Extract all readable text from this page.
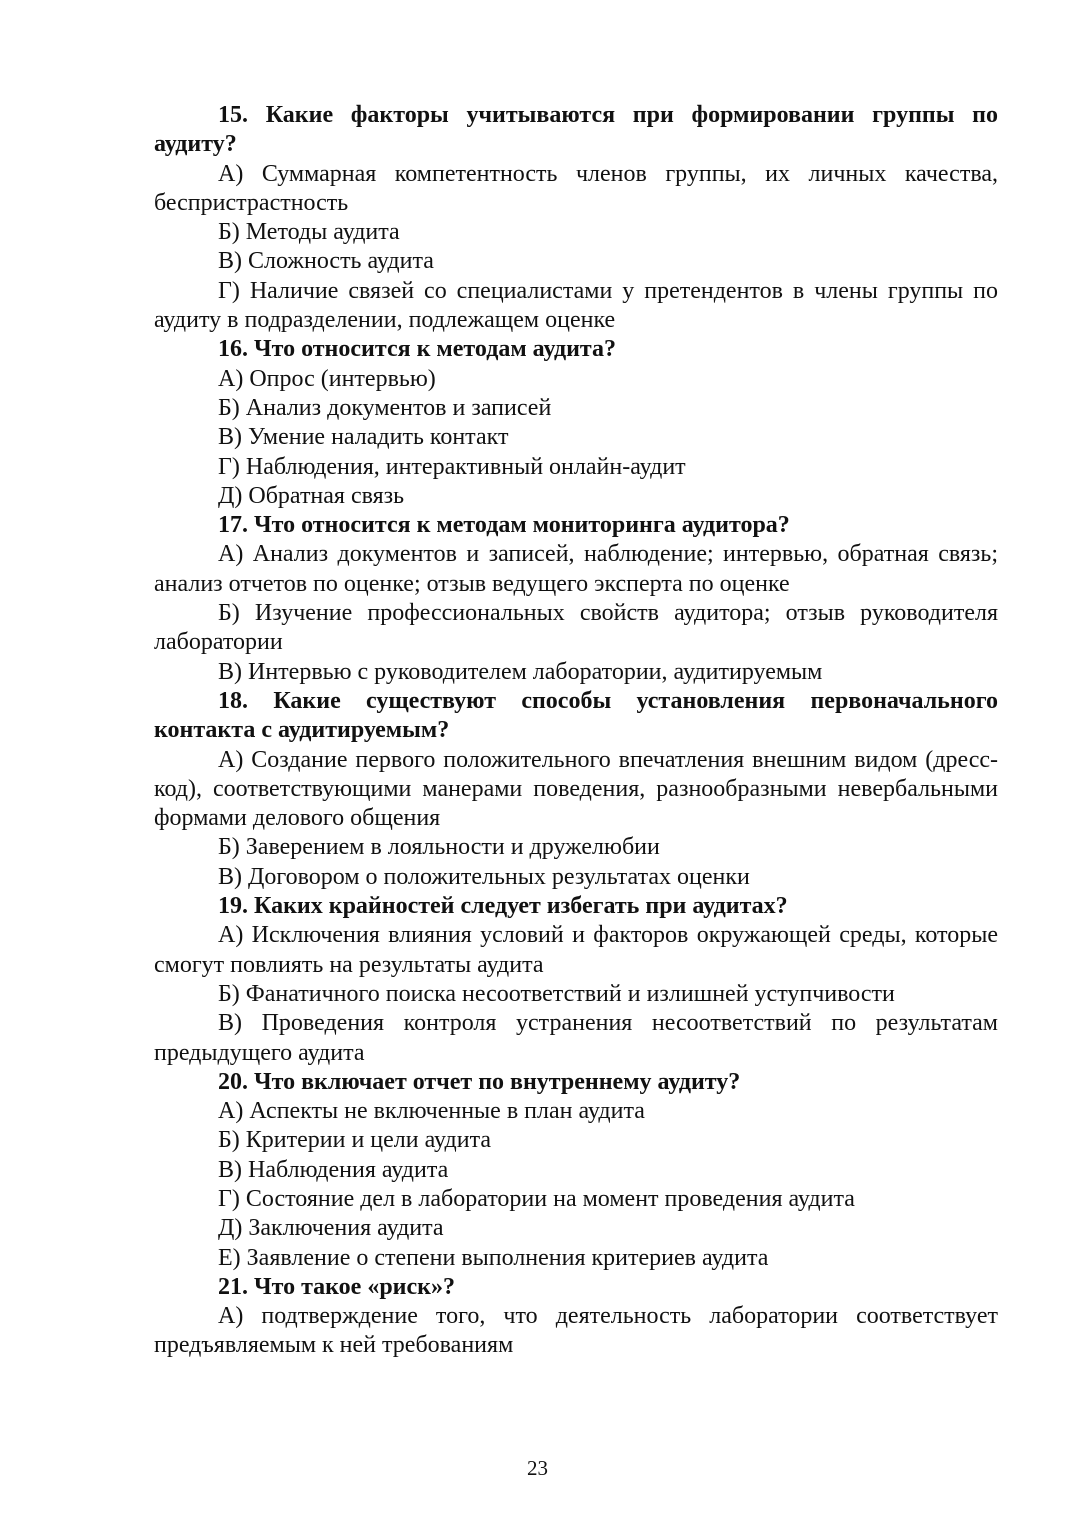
15. Какие факторы учитываются при формировании группы по аудиту?

А) Суммарная компетентность членов группы, их личных качества, беспристрастность

Б) Методы аудита

В) Сложность аудита

Г) Наличие связей со специалистами у претендентов в члены группы по аудиту в подразделении, подлежащем оценке

16. Что относится к методам аудита?

А) Опрос (интервью)

Б) Анализ документов и записей

В) Умение наладить контакт

Г) Наблюдения, интерактивный онлайн-аудит

Д) Обратная связь

17. Что относится к методам мониторинга аудитора?

А) Анализ документов и записей, наблюдение; интервью, обратная связь; анализ отчетов по оценке; отзыв ведущего эксперта по оценке

Б) Изучение профессиональных свойств аудитора; отзыв руководителя лаборатории

В) Интервью с руководителем лаборатории, аудитируемым

18. Какие существуют способы установления первоначального контакта с аудитируемым?

А) Создание первого положительного впечатления внешним видом (дресс-код), соответствующими манерами поведения, разнообразными невербальными формами делового общения

Б) Заверением в лояльности и дружелюбии

В) Договором о положительных результатах оценки

19. Каких крайностей следует избегать при аудитах?

А) Исключения влияния условий и факторов окружающей среды, которые смогут повлиять на результаты аудита

Б) Фанатичного поиска несоответствий и излишней уступчивости

В) Проведения контроля устранения несоответствий по результатам предыдущего аудита

20. Что включает отчет по внутреннему аудиту?

А) Аспекты не включенные в план аудита

Б) Критерии и цели аудита

В) Наблюдения аудита

Г) Состояние дел в лаборатории на момент проведения аудита

Д) Заключения аудита

Е) Заявление о степени выполнения критериев аудита

21. Что такое «риск»?

А) подтверждение того, что деятельность лаборатории соответствует предъявляемым к ней требованиям

23
